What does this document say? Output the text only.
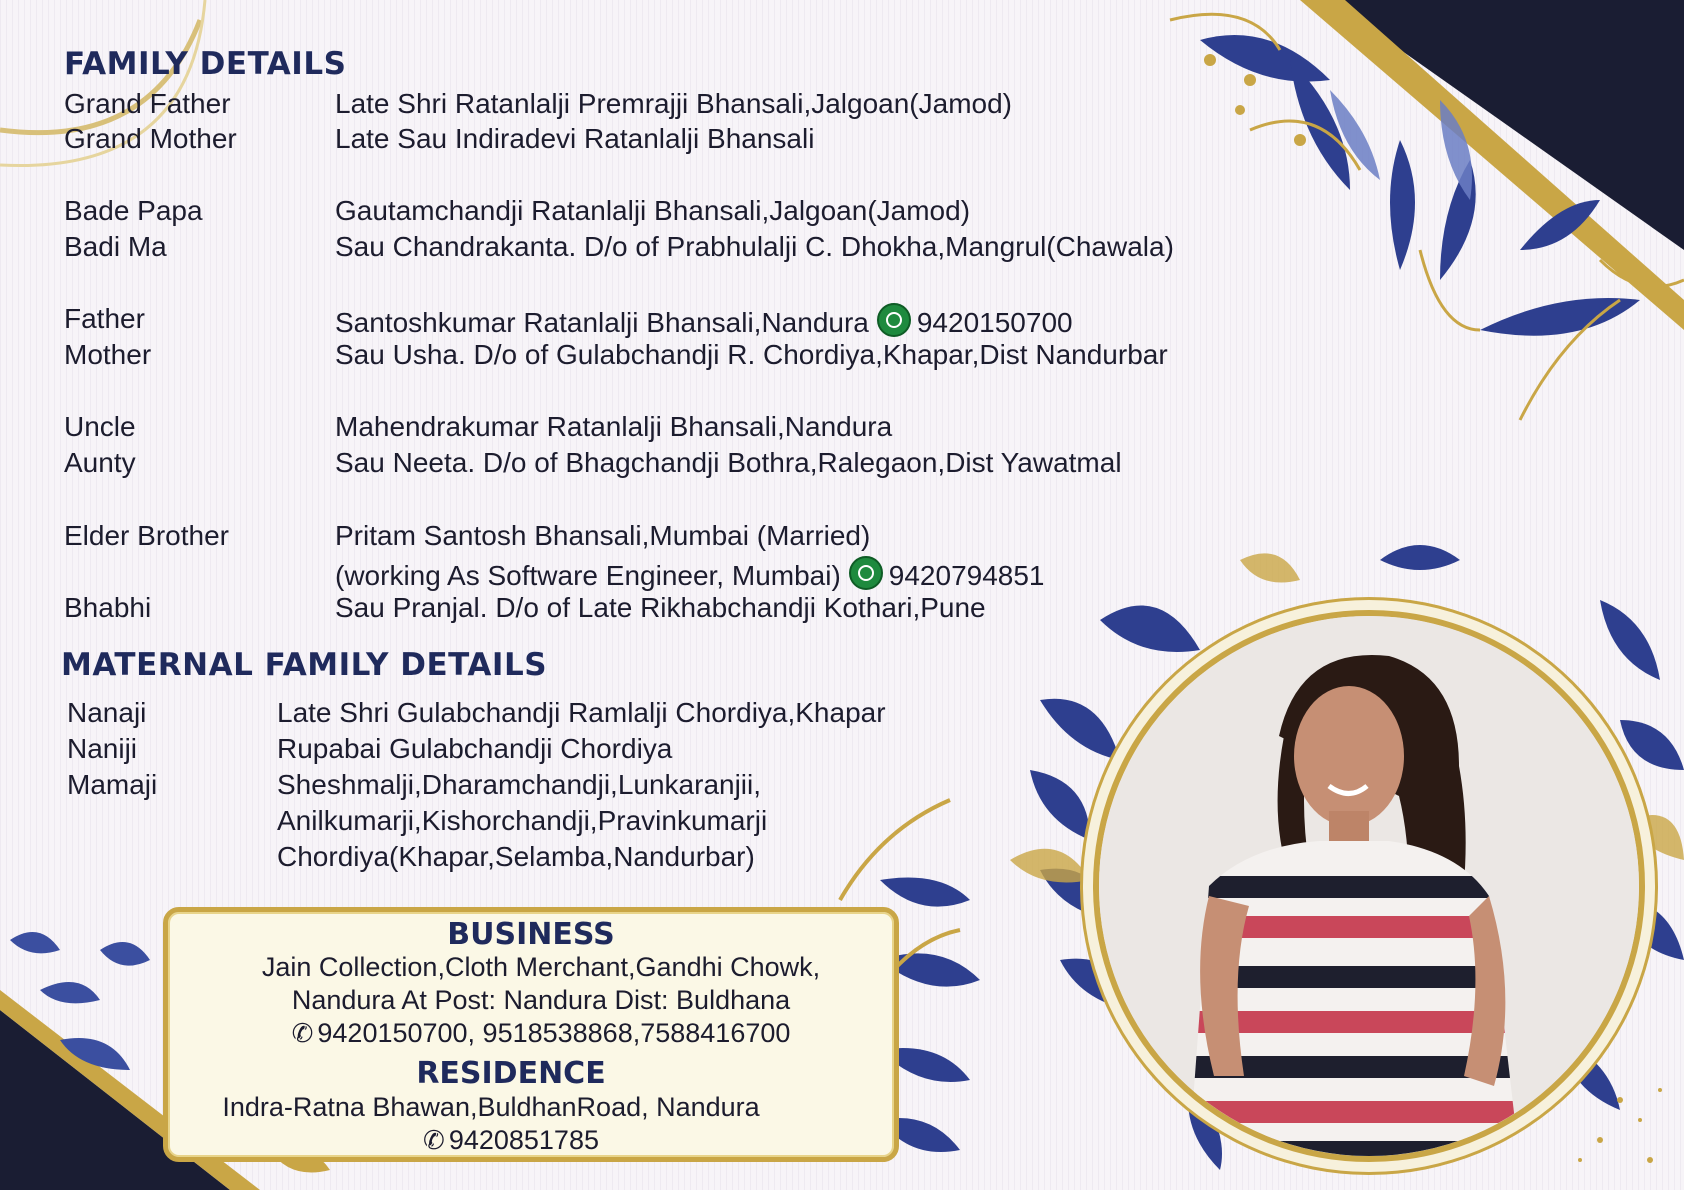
FAMILY DETAILS
Grand Father	Late Shri Ratanlalji Premrajji Bhansali,Jalgoan(Jamod)
Grand Mother	Late Sau Indiradevi Ratanlalji Bhansali
Bade Papa	Gautamchandji Ratanlalji Bhansali,Jalgoan(Jamod)
Badi Ma	Sau Chandrakanta. D/o of Prabhulalji C. Dhokha,Mangrul(Chawala)
Father	Santoshkumar Ratanlalji Bhansali,Nandura 9420150700
Mother	Sau Usha. D/o of Gulabchandji R. Chordiya,Khapar,Dist Nandurbar
Uncle	Mahendrakumar Ratanlalji Bhansali,Nandura
Aunty	Sau Neeta. D/o of Bhagchandji Bothra,Ralegaon,Dist Yawatmal
Elder Brother	Pritam Santosh Bhansali,Mumbai (Married)
(working As Software Engineer, Mumbai) 9420794851
Bhabhi	Sau Pranjal. D/o of Late Rikhabchandji Kothari,Pune
MATERNAL FAMILY DETAILS
Nanaji	Late Shri Gulabchandji Ramlalji Chordiya,Khapar
Naniji	Rupabai Gulabchandji Chordiya
Mamaji	Sheshmalji,Dharamchandji,Lunkaranjii,
Anilkumarji,Kishorchandji,Pravinkumarji
Chordiya(Khapar,Selamba,Nandurbar)
BUSINESS
Jain Collection,Cloth Merchant,Gandhi Chowk,
Nandura At Post: Nandura Dist: Buldhana
✆ 9420150700, 9518538868,7588416700
RESIDENCE
Indra-Ratna Bhawan,BuldhanRoad, Nandura
✆ 9420851785
